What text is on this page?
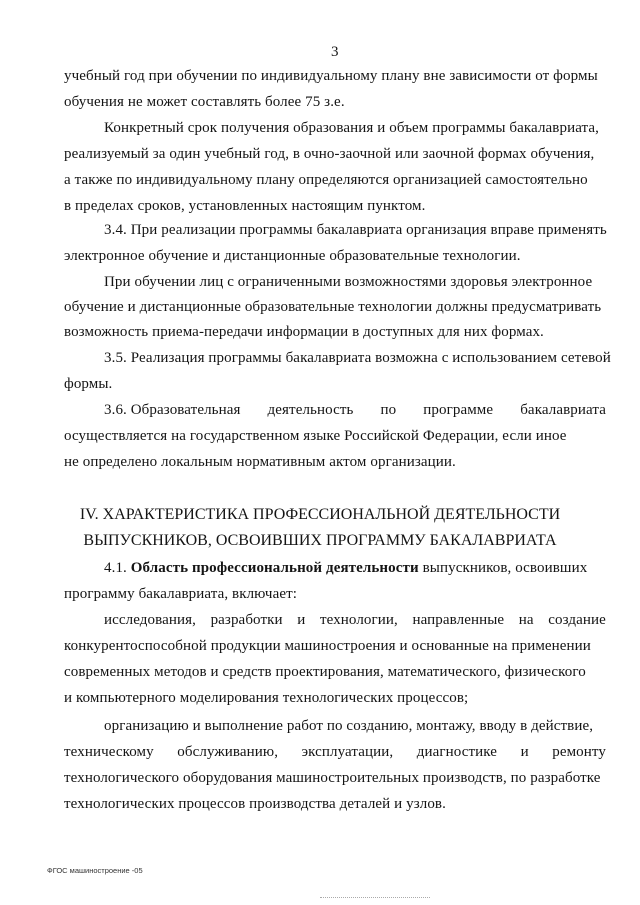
3

учебный год при обучении по индивидуальному плану вне зависимости от формы

обучения не может составлять более 75 з.е.

Конкретный срок получения образования и объем программы бакалавриата,

реализуемый за один учебный год, в очно-заочной или заочной формах обучения,

а также по индивидуальному плану определяются организацией самостоятельно

в пределах сроков, установленных настоящим пунктом.

3.4. При реализации программы бакалавриата организация вправе применять

электронное обучение и дистанционные образовательные технологии.

При обучении лиц с ограниченными возможностями здоровья электронное

обучение и дистанционные образовательные технологии должны предусматривать

возможность приема-передачи информации в доступных для них формах.

3.5. Реализация программы бакалавриата возможна с использованием сетевой

формы.

3.6. Образовательная деятельность по программе бакалавриата

осуществляется на государственном языке Российской Федерации, если иное

не определено локальным нормативным актом организации.

IV. ХАРАКТЕРИСТИКА ПРОФЕССИОНАЛЬНОЙ ДЕЯТЕЛЬНОСТИ
ВЫПУСКНИКОВ, ОСВОИВШИХ ПРОГРАММУ БАКАЛАВРИАТА

4.1. Область профессиональной деятельности выпускников, освоивших

программу бакалавриата, включает:

исследования, разработки и технологии, направленные на создание

конкурентоспособной продукции машиностроения и основанные на применении

современных методов и средств проектирования, математического, физического

и компьютерного моделирования технологических процессов;

организацию и выполнение работ по созданию, монтажу, вводу в действие,

техническому обслуживанию, эксплуатации, диагностике и ремонту

технологического оборудования машиностроительных производств, по разработке

технологических процессов производства деталей и узлов.

ФГОС машиностроение -05
